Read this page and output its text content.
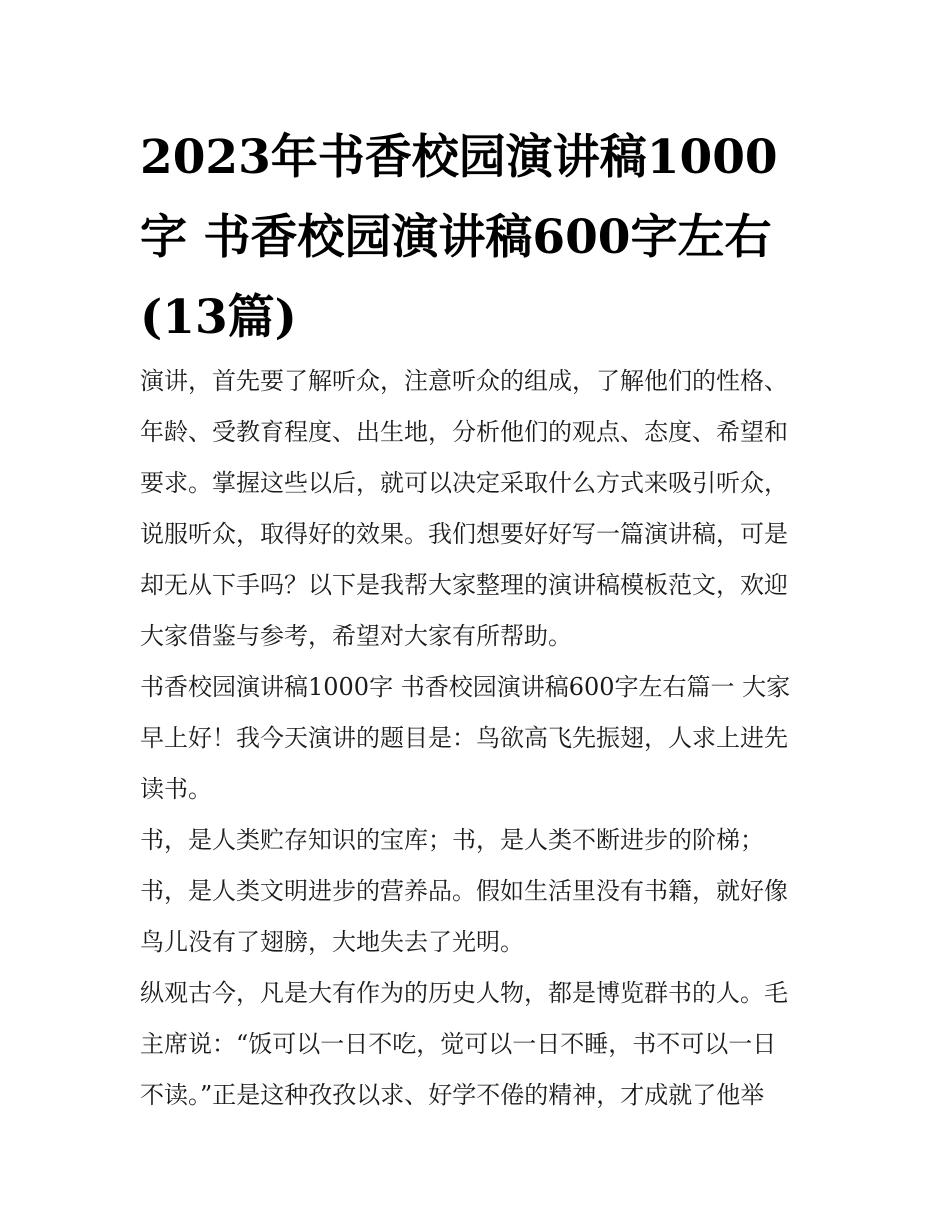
2023年书香校园演讲稿1000
字 书香校园演讲稿600字左右
(13篇)

演讲，首先要了解听众，注意听众的组成，了解他们的性格、
年龄、受教育程度、出生地，分析他们的观点、态度、希望和
要求。掌握这些以后，就可以决定采取什么方式来吸引听众，
说服听众，取得好的效果。我们想要好好写一篇演讲稿，可是
却无从下手吗？以下是我帮大家整理的演讲稿模板范文，欢迎
大家借鉴与参考，希望对大家有所帮助。

书香校园演讲稿1000字 书香校园演讲稿600字左右篇一 大家
早上好！我今天演讲的题目是：鸟欲高飞先振翅，人求上进先
读书。

书，是人类贮存知识的宝库；书，是人类不断进步的阶梯；
书，是人类文明进步的营养品。假如生活里没有书籍，就好像
鸟儿没有了翅膀，大地失去了光明。

纵观古今，凡是大有作为的历史人物，都是博览群书的人。毛
主席说：“饭可以一日不吃，觉可以一日不睡，书不可以一日
不读。”正是这种孜孜以求、好学不倦的精神，才成就了他举
